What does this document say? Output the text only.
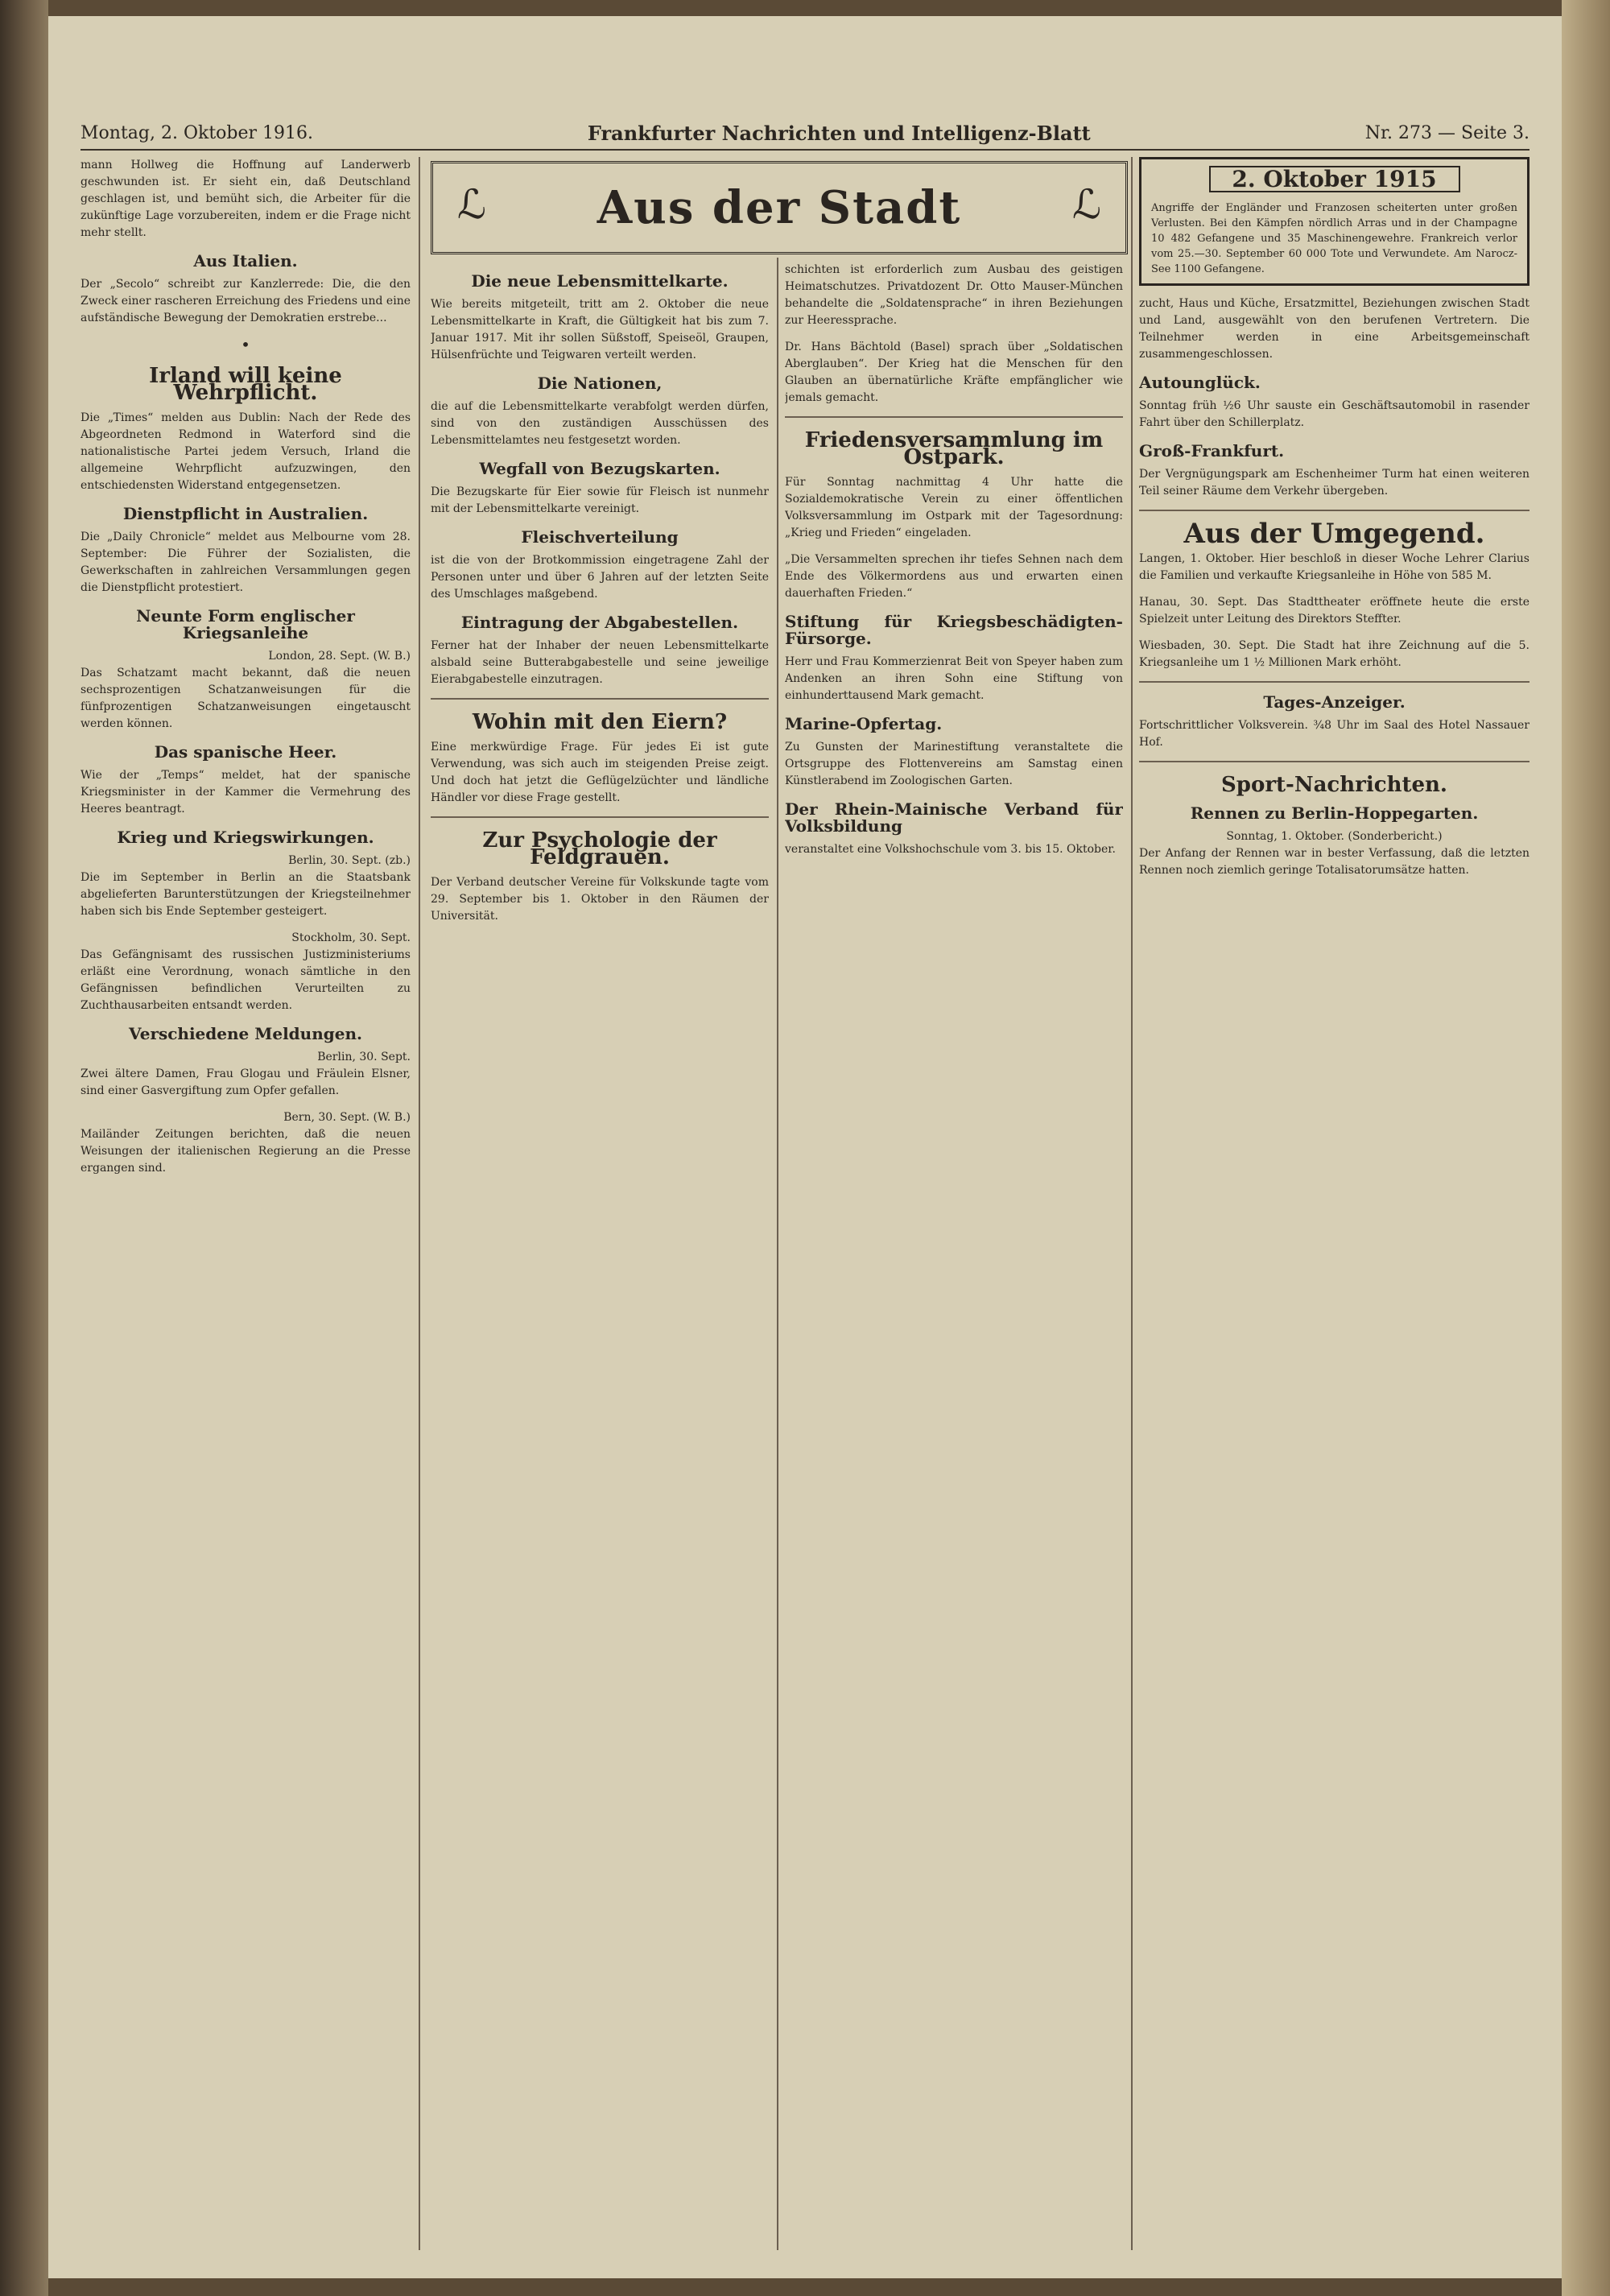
Montag, 2. Oktober 1916.	Frankfurter Nachrichten und Intelligenz-Blatt	Nr. 273 — Seite 3.

mann Hollweg die Hoffnung auf Landerwerb geschwunden ist. Er sieht ein, daß Deutschland geschlagen ist, und bemüht sich, die Arbeiter für die zukünftige Lage vorzubereiten, indem er die Frage nicht mehr stellt.

Aus Italien.

Der „Secolo“ schreibt zur Kanzlerrede: Die, die den Zweck einer rascheren Erreichung des Friedens und eine aufständische Bewegung der Demokratien erstrebe...

•
Irland will keine Wehrpflicht.

Die „Times“ melden aus Dublin: Nach der Rede des Abgeordneten Redmond in Waterford sind die nationalistische Partei jedem Versuch, Irland die allgemeine Wehrpflicht aufzuzwingen, den entschiedensten Widerstand entgegensetzen.

Dienstpflicht in Australien.

Die „Daily Chronicle“ meldet aus Melbourne vom 28. September: Die Führer der Sozialisten, die Gewerkschaften in zahlreichen Versammlungen gegen die Dienstpflicht protestiert.

Neunte Form englischer Kriegsanleihe
London, 28. Sept. (W. B.)

Das Schatzamt macht bekannt, daß die neuen sechsprozentigen Schatzanweisungen für die fünfprozentigen Schatzanweisungen eingetauscht werden können.

Das spanische Heer.

Wie der „Temps“ meldet, hat der spanische Kriegsminister in der Kammer die Vermehrung des Heeres beantragt.

Krieg und Kriegswirkungen.
Berlin, 30. Sept. (zb.)

Die im September in Berlin an die Staatsbank abgelieferten Barunterstützungen der Kriegsteilnehmer haben sich bis Ende September gesteigert.

Stockholm, 30. Sept.

Das Gefängnisamt des russischen Justizministeriums erläßt eine Verordnung, wonach sämtliche in den Gefängnissen befindlichen Verurteilten zu Zuchthausarbeiten entsandt werden.

Verschiedene Meldungen.
Berlin, 30. Sept.

Zwei ältere Damen, Frau Glogau und Fräulein Elsner, sind einer Gasvergiftung zum Opfer gefallen.

Bern, 30. Sept. (W. B.)

Mailänder Zeitungen berichten, daß die neuen Weisungen der italienischen Regierung an die Presse ergangen sind.

ℒ Aus der Stadt	ℒ
Die neue Lebensmittelkarte.

Wie bereits mitgeteilt, tritt am 2. Oktober die neue Lebensmittelkarte in Kraft, die Gültigkeit hat bis zum 7. Januar 1917. Mit ihr sollen Süßstoff, Speiseöl, Graupen, Hülsenfrüchte und Teigwaren verteilt werden.

Die Nationen,

die auf die Lebensmittelkarte verabfolgt werden dürfen, sind von den zuständigen Ausschüssen des Lebensmittelamtes neu festgesetzt worden.

Wegfall von Bezugskarten.

Die Bezugskarte für Eier sowie für Fleisch ist nunmehr mit der Lebensmittelkarte vereinigt.

Fleischverteilung

ist die von der Brotkommission eingetragene Zahl der Personen unter und über 6 Jahren auf der letzten Seite des Umschlages maßgebend.

Eintragung der Abgabestellen.

Ferner hat der Inhaber der neuen Lebensmittelkarte alsbald seine Butterabgabestelle und seine jeweilige Eierabgabestelle einzutragen.

Wohin mit den Eiern?

Eine merkwürdige Frage. Für jedes Ei ist gute Verwendung, was sich auch im steigenden Preise zeigt. Und doch hat jetzt die Geflügelzüchter und ländliche Händler vor diese Frage gestellt.

Zur Psychologie der Feldgrauen.

Der Verband deutscher Vereine für Volkskunde tagte vom 29. September bis 1. Oktober in den Räumen der Universität.

schichten ist erforderlich zum Ausbau des geistigen Heimatschutzes. Privatdozent Dr. Otto Mauser-München behandelte die „Soldatensprache“ in ihren Beziehungen zur Heeressprache.

Dr. Hans Bächtold (Basel) sprach über „Soldatischen Aberglauben“. Der Krieg hat die Menschen für den Glauben an übernatürliche Kräfte empfänglicher wie jemals gemacht.

Friedensversammlung im Ostpark.

Für Sonntag nachmittag 4 Uhr hatte die Sozialdemokratische Verein zu einer öffentlichen Volksversammlung im Ostpark mit der Tagesordnung: „Krieg und Frieden“ eingeladen.

„Die Versammelten sprechen ihr tiefes Sehnen nach dem Ende des Völkermordens aus und erwarten einen dauerhaften Frieden.“

Stiftung für Kriegsbeschädigten-Fürsorge.

Herr und Frau Kommerzienrat Beit von Speyer haben zum Andenken an ihren Sohn eine Stiftung von einhunderttausend Mark gemacht.

Marine-Opfertag.

Zu Gunsten der Marinestiftung veranstaltete die Ortsgruppe des Flottenvereins am Samstag einen Künstlerabend im Zoologischen Garten.

Der Rhein-Mainische Verband für Volksbildung

veranstaltet eine Volkshochschule vom 3. bis 15. Oktober.

2. Oktober 1915
Angriffe der Engländer und Franzosen scheiterten unter großen Verlusten. Bei den Kämpfen nördlich Arras und in der Champagne 10 482 Gefangene und 35 Maschinengewehre. Frankreich verlor vom 25.—30. September 60 000 Tote und Verwundete. Am Narocz-See 1100 Gefangene.

zucht, Haus und Küche, Ersatzmittel, Beziehungen zwischen Stadt und Land, ausgewählt von den berufenen Vertretern. Die Teilnehmer werden in eine Arbeitsgemeinschaft zusammengeschlossen.

Autounglück.

Sonntag früh ½6 Uhr sauste ein Geschäftsautomobil in rasender Fahrt über den Schillerplatz.

Groß-Frankfurt.

Der Vergnügungspark am Eschenheimer Turm hat einen weiteren Teil seiner Räume dem Verkehr übergeben.

Aus der Umgegend.

Langen, 1. Oktober. Hier beschloß in dieser Woche Lehrer Clarius die Familien und verkaufte Kriegsanleihe in Höhe von 585 M.

Hanau, 30. Sept. Das Stadttheater eröffnete heute die erste Spielzeit unter Leitung des Direktors Steffter.

Wiesbaden, 30. Sept. Die Stadt hat ihre Zeichnung auf die 5. Kriegsanleihe um 1 ½ Millionen Mark erhöht.

Tages-Anzeiger.

Fortschrittlicher Volksverein. ¾8 Uhr im Saal des Hotel Nassauer Hof.

Sport-Nachrichten.
Rennen zu Berlin-Hoppegarten.
Sonntag, 1. Oktober. (Sonderbericht.)

Der Anfang der Rennen war in bester Verfassung, daß die letzten Rennen noch ziemlich geringe Totalisatorumsätze hatten.
